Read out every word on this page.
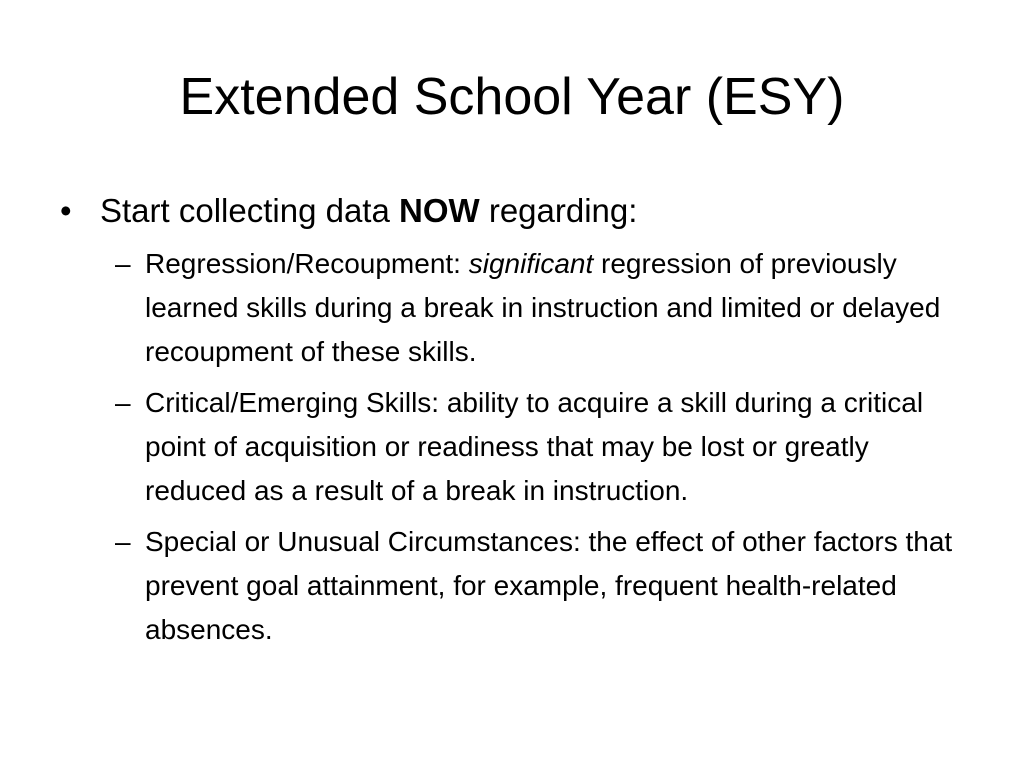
Extended School Year (ESY)
• Start collecting data NOW regarding:
– Regression/Recoupment: significant regression of previously learned skills during a break in instruction and limited or delayed recoupment of these skills.
– Critical/Emerging Skills: ability to acquire a skill during a critical point of acquisition or readiness that may be lost or greatly reduced as a result of a break in instruction.
– Special or Unusual Circumstances: the effect of other factors that prevent goal attainment, for example, frequent health-related absences.
